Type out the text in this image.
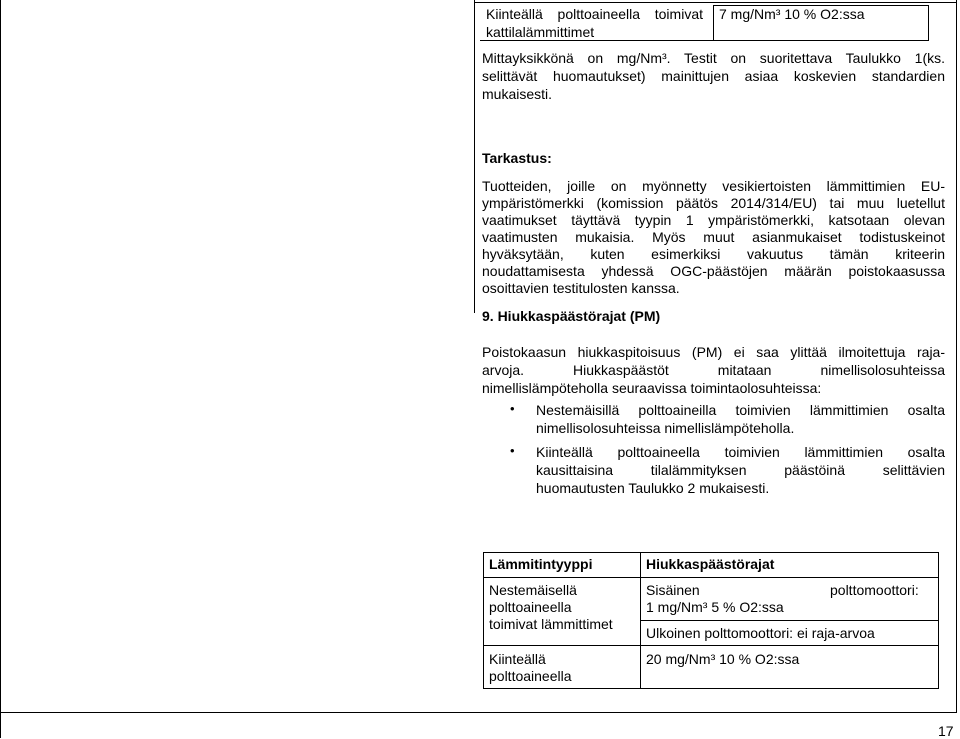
Kiinteällä polttoaineella toimivat
kattilalämmittimet
7 mg/Nm³ 10 % O2:ssa
Mittayksikkönä on mg/Nm³. Testit on suoritettava Taulukko 1(ks.
selittävät huomautukset) mainittujen asiaa koskevien standardien
mukaisesti.
Tarkastus:
Tuotteiden, joille on myönnetty vesikiertoisten lämmittimien EU-
ympäristömerkki (komission päätös 2014/314/EU) tai muu luetellut
vaatimukset täyttävä tyypin 1 ympäristömerkki, katsotaan olevan
vaatimusten mukaisia. Myös muut asianmukaiset todistuskeinot
hyväksytään, kuten esimerkiksi vakuutus tämän kriteerin
noudattamisesta yhdessä OGC-päästöjen määrän poistokaasussa
osoittavien testitulosten kanssa.
9. Hiukkaspäästörajat (PM)
Poistokaasun hiukkaspitoisuus (PM) ei saa ylittää ilmoitettuja raja-
arvoja. Hiukkaspäästöt mitataan nimellisolosuhteissa
nimellislämpöteholla seuraavissa toimintaolosuhteissa:
• Nestemäisillä polttoaineilla toimivien lämmittimien osalta
nimellisolosuhteissa nimellislämpöteholla.
• Kiinteällä polttoaineella toimivien lämmittimien osalta
kausittaisina tilalämmityksen päästöinä selittävien
huomautusten Taulukko 2 mukaisesti.
Lämmitintyyppi	Hiukkaspäästörajat
Nestemäisellä
polttoaineella
toimivat lämmittimet
Sisäinen	polttomoottori:
1 mg/Nm³ 5 % O2:ssa
Ulkoinen polttomoottori: ei raja-arvoa
Kiinteällä
polttoaineella
20 mg/Nm³ 10 % O2:ssa
17
